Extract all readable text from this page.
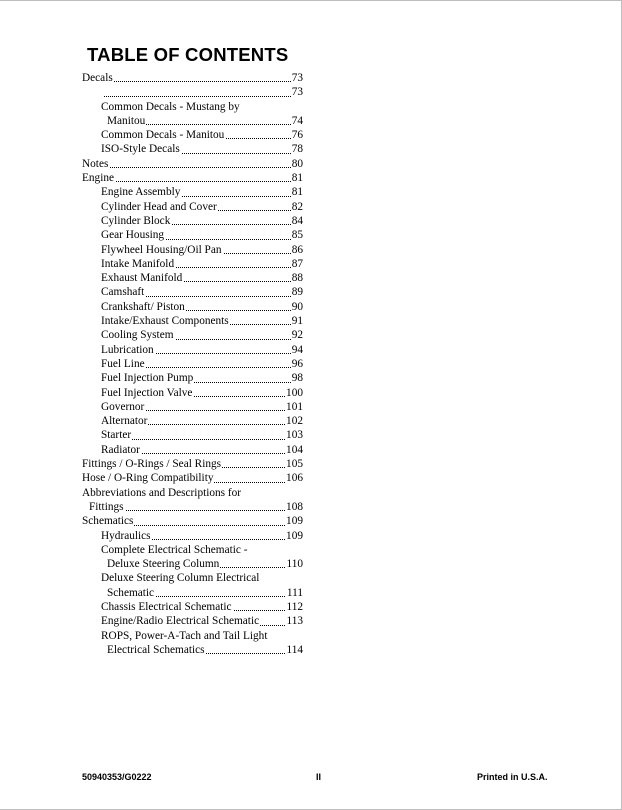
TABLE OF CONTENTS
Decals	73
73
Common Decals - Mustang by
Manitou	74
Common Decals - Manitou	76
ISO-Style Decals	78
Notes	80
Engine	81
Engine Assembly	81
Cylinder Head and Cover	82
Cylinder Block	84
Gear Housing	85
Flywheel Housing/Oil Pan	86
Intake Manifold	87
Exhaust Manifold	88
Camshaft	89
Crankshaft/ Piston	90
Intake/Exhaust Components	91
Cooling System	92
Lubrication	94
Fuel Line	96
Fuel Injection Pump	98
Fuel Injection Valve	100
Governor	101
Alternator	102
Starter	103
Radiator	104
Fittings / O-Rings / Seal Rings	105
Hose / O-Ring Compatibility	106
Abbreviations and Descriptions for
Fittings	108
Schematics	109
Hydraulics	109
Complete Electrical Schematic -
Deluxe Steering Column	110
Deluxe Steering Column Electrical
Schematic	111
Chassis Electrical Schematic	112
Engine/Radio Electrical Schematic 113
ROPS, Power-A-Tach and Tail Light
Electrical Schematics	114
50940353/G0222	II	Printed in U.S.A.
